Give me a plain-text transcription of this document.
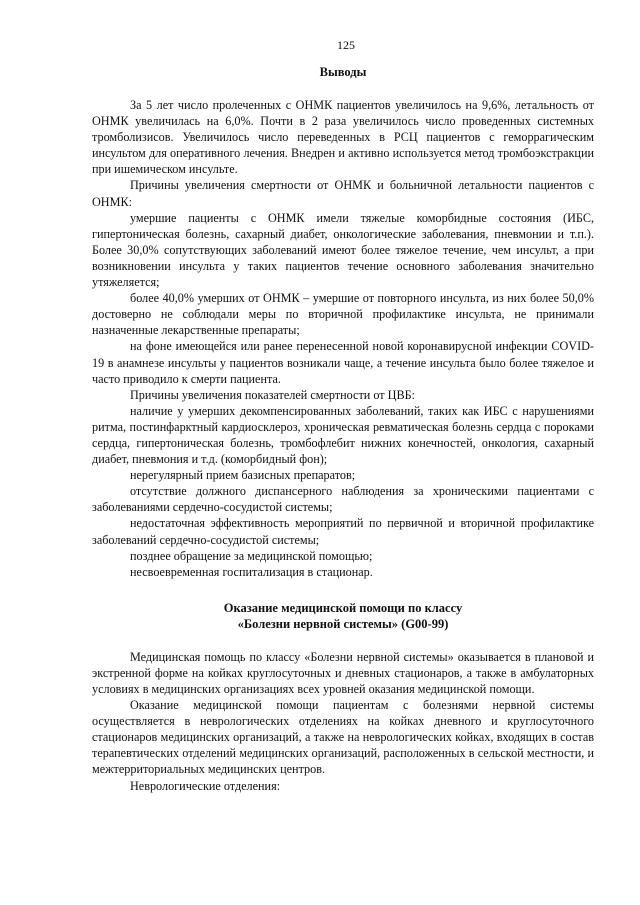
125
Выводы

За 5 лет число пролеченных с ОНМК пациентов увеличилось на 9,6%, летальность от ОНМК увеличилась на 6,0%. Почти в 2 раза увеличилось число проведенных системных тромболизисов. Увеличилось число переведенных в РСЦ пациентов с геморрагическим инсультом для оперативного лечения. Внедрен и активно используется метод тромбоэкстракции при ишемическом инсульте.

Причины увеличения смертности от ОНМК и больничной летальности пациентов с ОНМК:

умершие пациенты с ОНМК имели тяжелые коморбидные состояния (ИБС, гипертоническая болезнь, сахарный диабет, онкологические заболевания, пневмонии и т.п.). Более 30,0% сопутствующих заболеваний имеют более тяжелое течение, чем инсульт, а при возникновении инсульта у таких пациентов течение основного заболевания значительно утяжеляется;

более 40,0% умерших от ОНМК – умершие от повторного инсульта, из них более 50,0% достоверно не соблюдали меры по вторичной профилактике инсульта, не принимали назначенные лекарственные препараты;

на фоне имеющейся или ранее перенесенной новой коронавирусной инфекции COVID-19 в анамнезе инсульты у пациентов возникали чаще, а течение инсульта было более тяжелое и часто приводило к смерти пациента.

Причины увеличения показателей смертности от ЦВБ:

наличие у умерших декомпенсированных заболеваний, таких как ИБС с нарушениями ритма, постинфарктный кардиосклероз, хроническая ревматическая болезнь сердца с пороками сердца, гипертоническая болезнь, тромбофлебит нижних конечностей, онкология, сахарный диабет, пневмония и т.д. (коморбидный фон);

нерегулярный прием базисных препаратов;

отсутствие должного диспансерного наблюдения за хроническими пациентами с заболеваниями сердечно-сосудистой системы;

недостаточная эффективность мероприятий по первичной и вторичной профилактике заболеваний сердечно-сосудистой системы;

позднее обращение за медицинской помощью;

несвоевременная госпитализация в стационар.

Оказание медицинской помощи по классу
«Болезни нервной системы» (G00-99)

Медицинская помощь по классу «Болезни нервной системы» оказывается в плановой и экстренной форме на койках круглосуточных и дневных стационаров, а также в амбулаторных условиях в медицинских организациях всех уровней оказания медицинской помощи.

Оказание медицинской помощи пациентам с болезнями нервной системы осуществляется в неврологических отделениях на койках дневного и круглосуточного стационаров медицинских организаций, а также на неврологических койках, входящих в состав терапевтических отделений медицинских организаций, расположенных в сельской местности, и межтерриториальных медицинских центров.

Неврологические отделения:
